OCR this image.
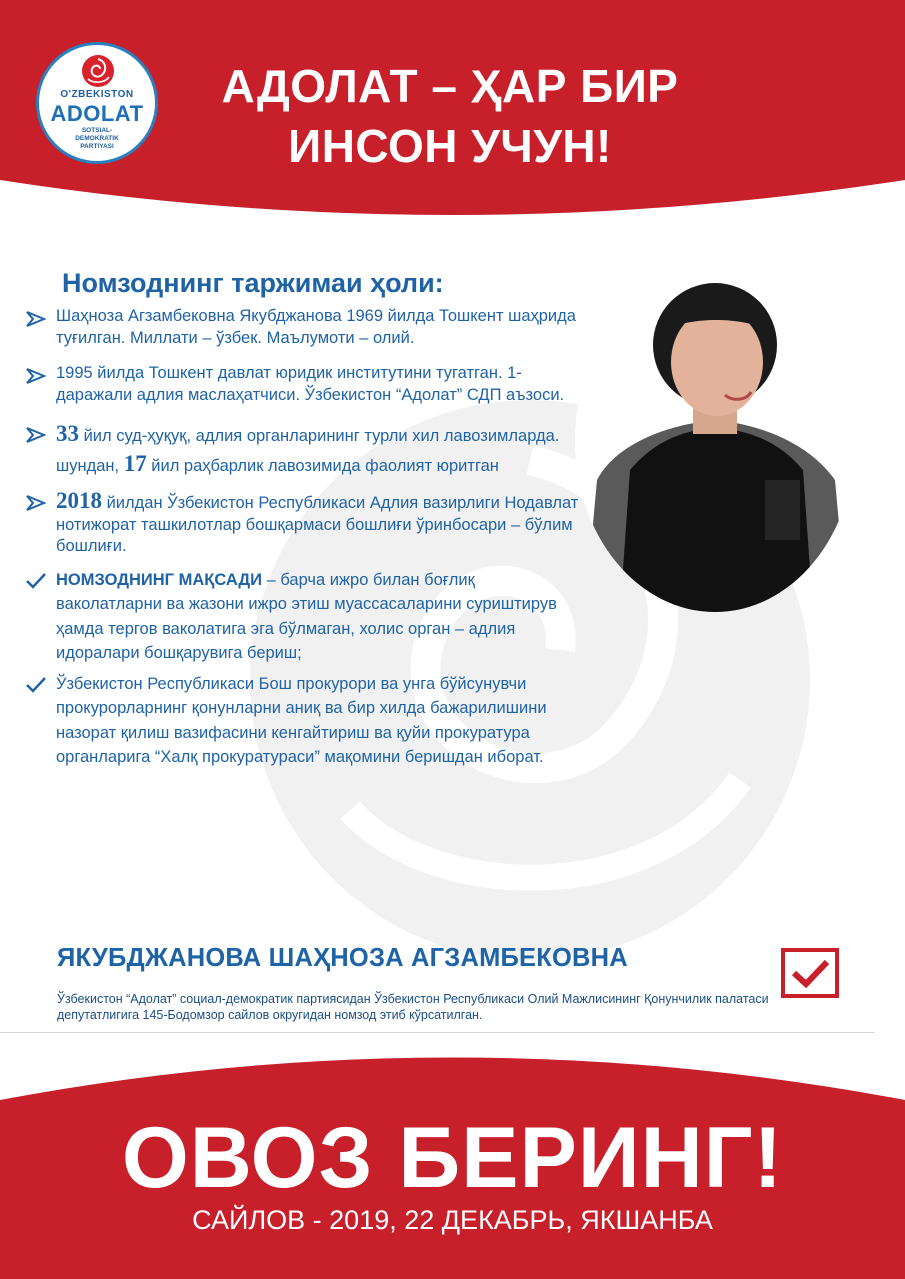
O'ZBEKISTON
ADOLAT
SOTSIAL-DEMOKRATIK PARTIYASI
АДОЛАТ – ҲАР БИР
ИНСОН УЧУН!
Номзоднинг таржимаи ҳоли:
Шаҳноза Агзамбековна Якубджанова 1969 йилда Тошкент шаҳрида туғилган. Миллати – ўзбек. Маълумоти – олий.
1995 йилда Тошкент давлат юридик институтини тугатган. 1-даражали адлия маслаҳатчиси. Ўзбекистон “Адолат” СДП аъзоси.
33 йил суд-ҳуқуқ, адлия органларининг турли хил лавозимларда. шундан, 17 йил раҳбарлик лавозимида фаолият юритган
2018 йилдан Ўзбекистон Республикаси Адлия вазирлиги Нодавлат нотижорат ташкилотлар бошқармаси бошлиғи ўринбосари – бўлим бошлиғи.
НОМЗОДНИНГ МАҚСАДИ – барча ижро билан боғлиқ ваколатларни ва жазони ижро этиш муассасаларини суриштирув ҳамда тергов ваколатига эга бўлмаган, холис орган – адлия идоралари бошқарувига бериш;
Ўзбекистон Республикаси Бош прокурори ва унга бўйсунувчи прокурорларнинг қонунларни аниқ ва бир хилда бажарилишини назорат қилиш вазифасини кенгайтириш ва қуйи прокуратура органларига “Халқ прокуратураси” мақомини беришдан иборат.
ЯКУБДЖАНОВА ШАҲНОЗА АГЗАМБЕКОВНА
Ўзбекистон “Адолат” социал-демократик партиясидан Ўзбекистон Республикаси Олий Мажлисининг Қонунчилик палатаси депутатлигига 145-Бодомзор сайлов округидан номзод этиб кўрсатилган.
ОВОЗ БЕРИНГ!
САЙЛОВ - 2019, 22 ДЕКАБРЬ, ЯКШАНБА
